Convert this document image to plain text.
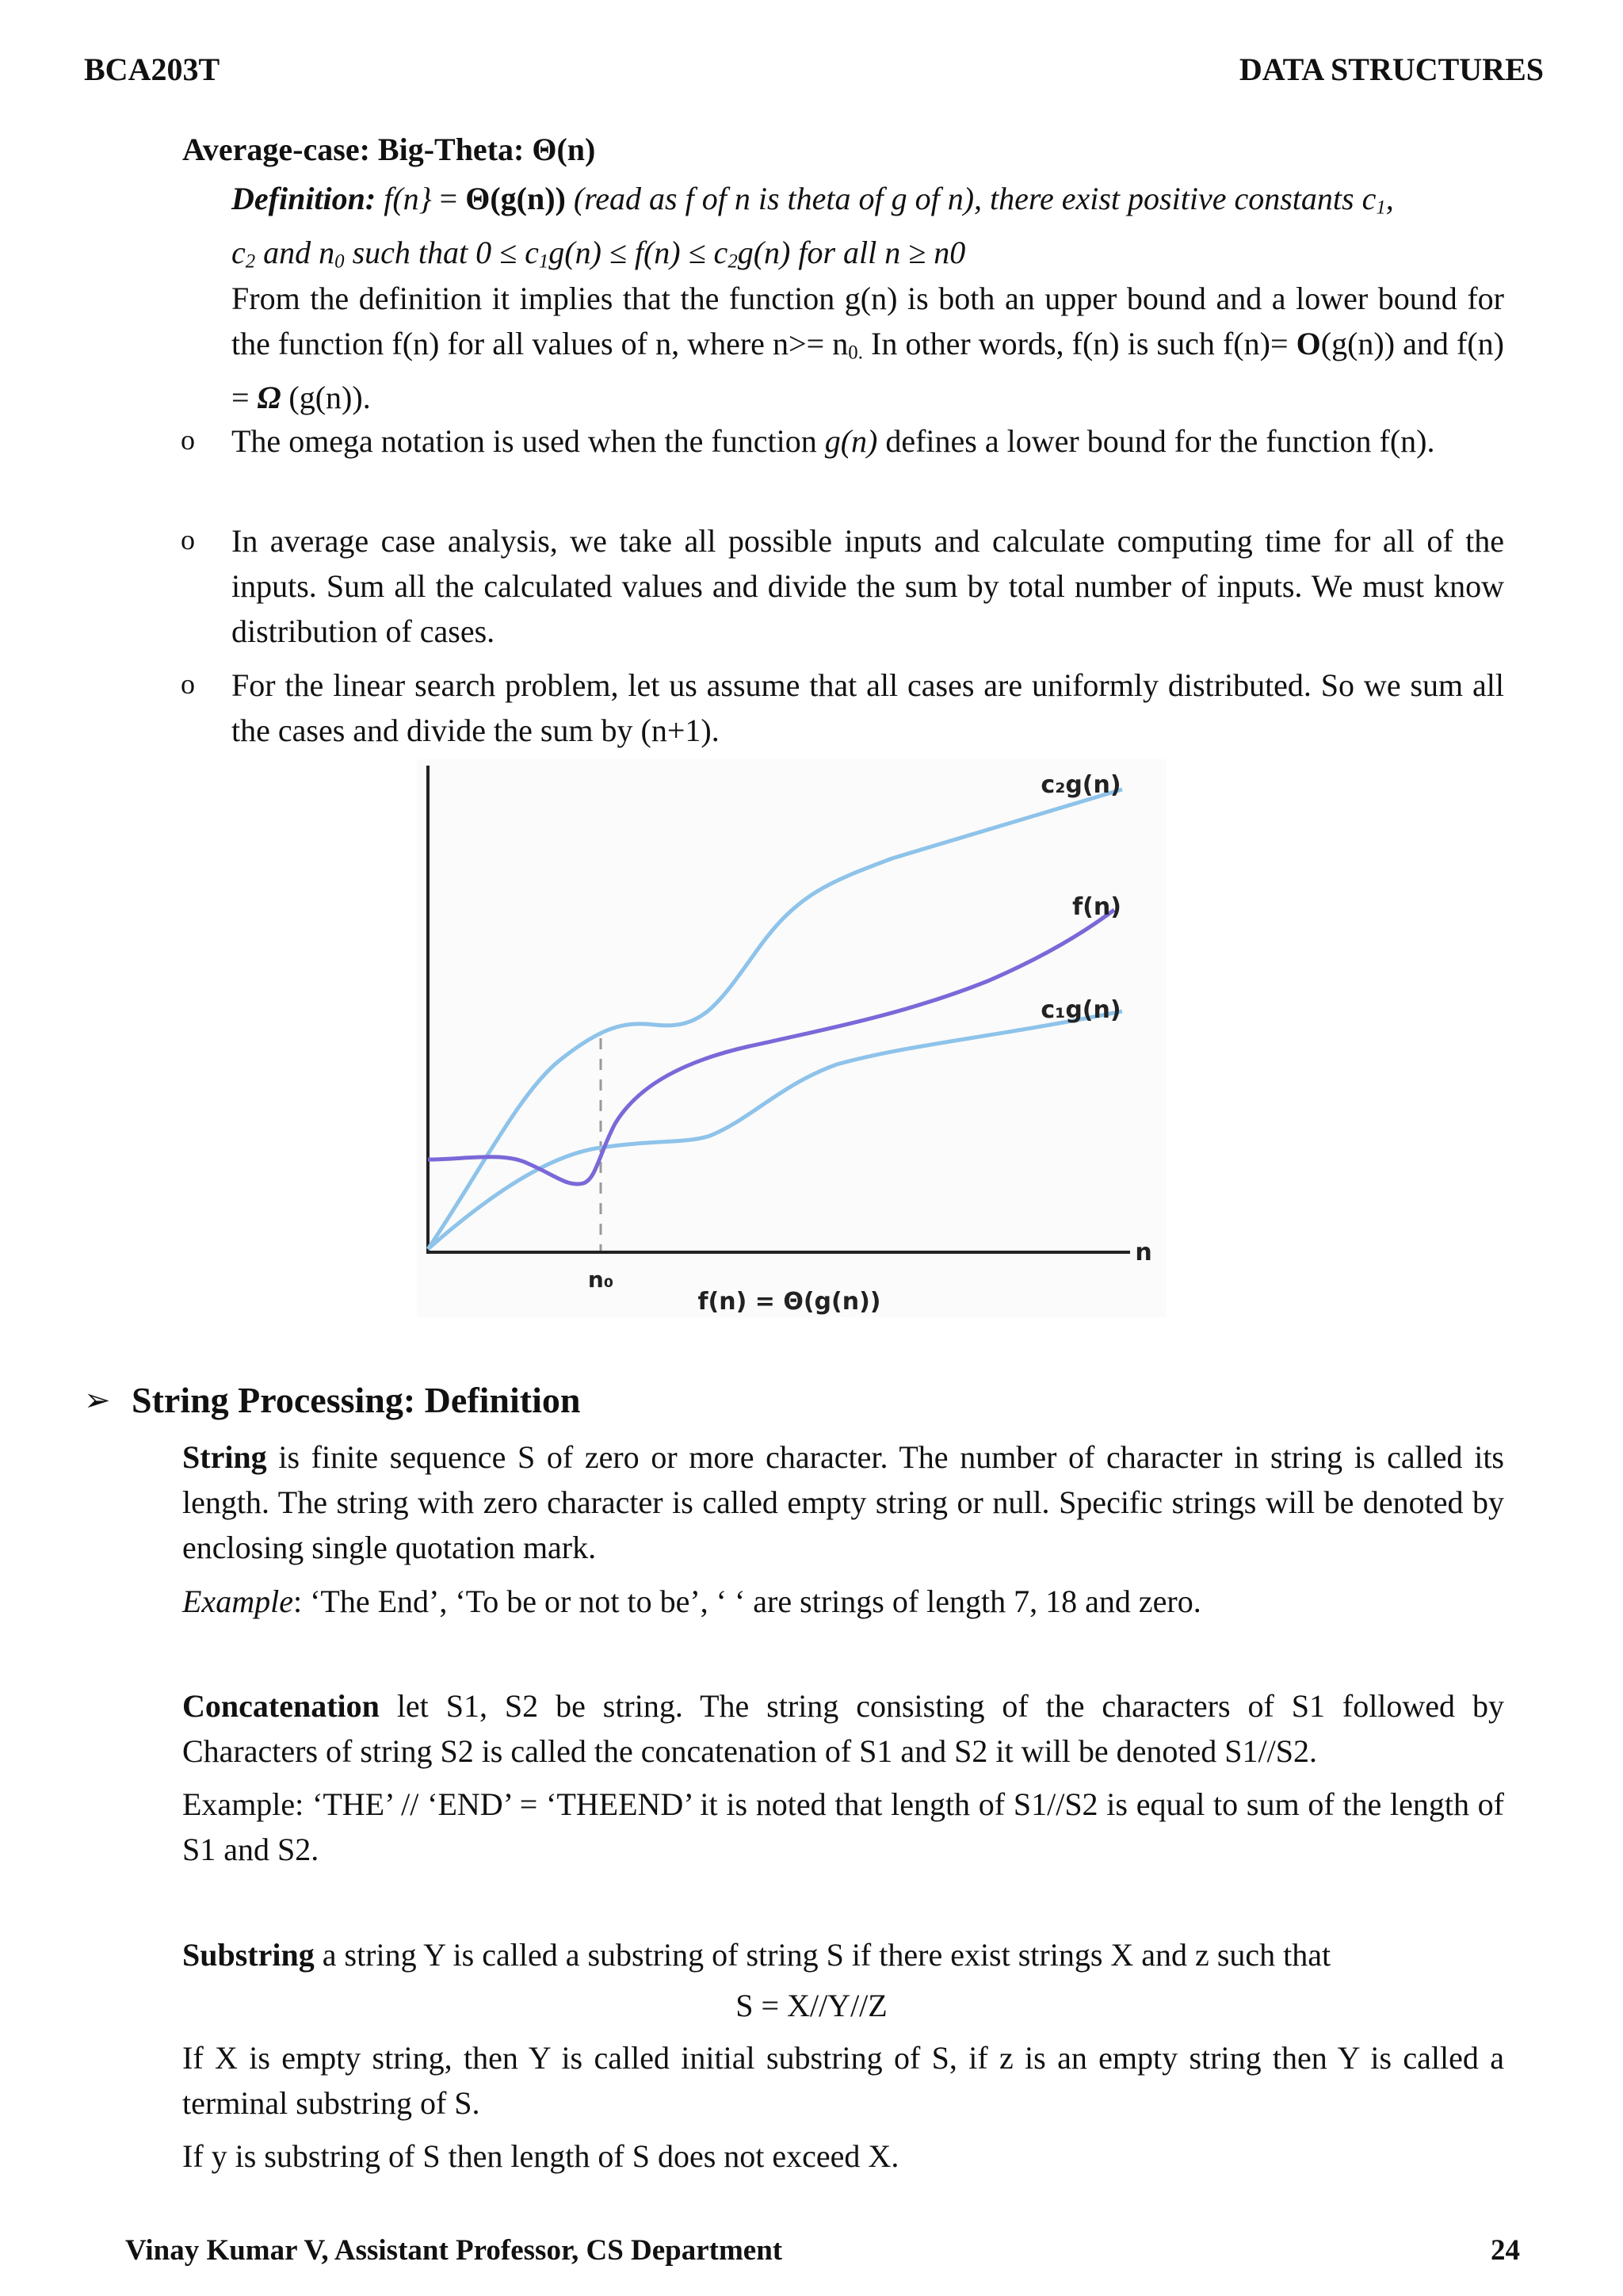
BCA203T	DATA STRUCTURES
Average-case: Big-Theta: Θ(n)
Definition: f(n} = Θ(g(n)) (read as f of n is theta of g of n), there exist positive constants $c_1$,
$c_2$ and $n_0$ such that $0 \le c_1g(n) \le f(n) \le c_2g(n)$ for all n ≥ n0
From the definition it implies that the function g(n) is both an upper bound and a lower bound for the function f(n) for all values of n, where $n>= n_{0.}$ In other words, f(n) is such f(n)= O(g(n)) and f(n) = Ω (g(n)).
o The omega notation is used when the function g(n) defines a lower bound for the function f(n).
o In average case analysis, we take all possible inputs and calculate computing time for all of the inputs. Sum all the calculated values and divide the sum by total number of inputs. We must know distribution of cases.
o For the linear search problem, let us assume that all cases are uniformly distributed. So we sum all the cases and divide the sum by (n+1).
c₂g(n)
f(n)
c₁g(n)
n
n₀
f(n) = Θ(g(n))
➢ String Processing: Definition
String is finite sequence S of zero or more character. The number of character in string is called its length. The string with zero character is called empty string or null. Specific strings will be denoted by enclosing single quotation mark.
Example: ‘The End’, ‘To be or not to be’, ‘ ‘ are strings of length 7, 18 and zero.
Concatenation let S1, S2 be string. The string consisting of the characters of S1 followed by Characters of string S2 is called the concatenation of S1 and S2 it will be denoted S1//S2.
Example: ‘THE’ // ‘END’ = ‘THEEND’ it is noted that length of S1//S2 is equal to sum of the length of S1 and S2.
Substring a string Y is called a substring of string S if there exist strings X and z such that
S = X//Y//Z
If X is empty string, then Y is called initial substring of S, if z is an empty string then Y is called a terminal substring of S.
If y is substring of S then length of S does not exceed X.
Vinay Kumar V, Assistant Professor, CS Department	24
